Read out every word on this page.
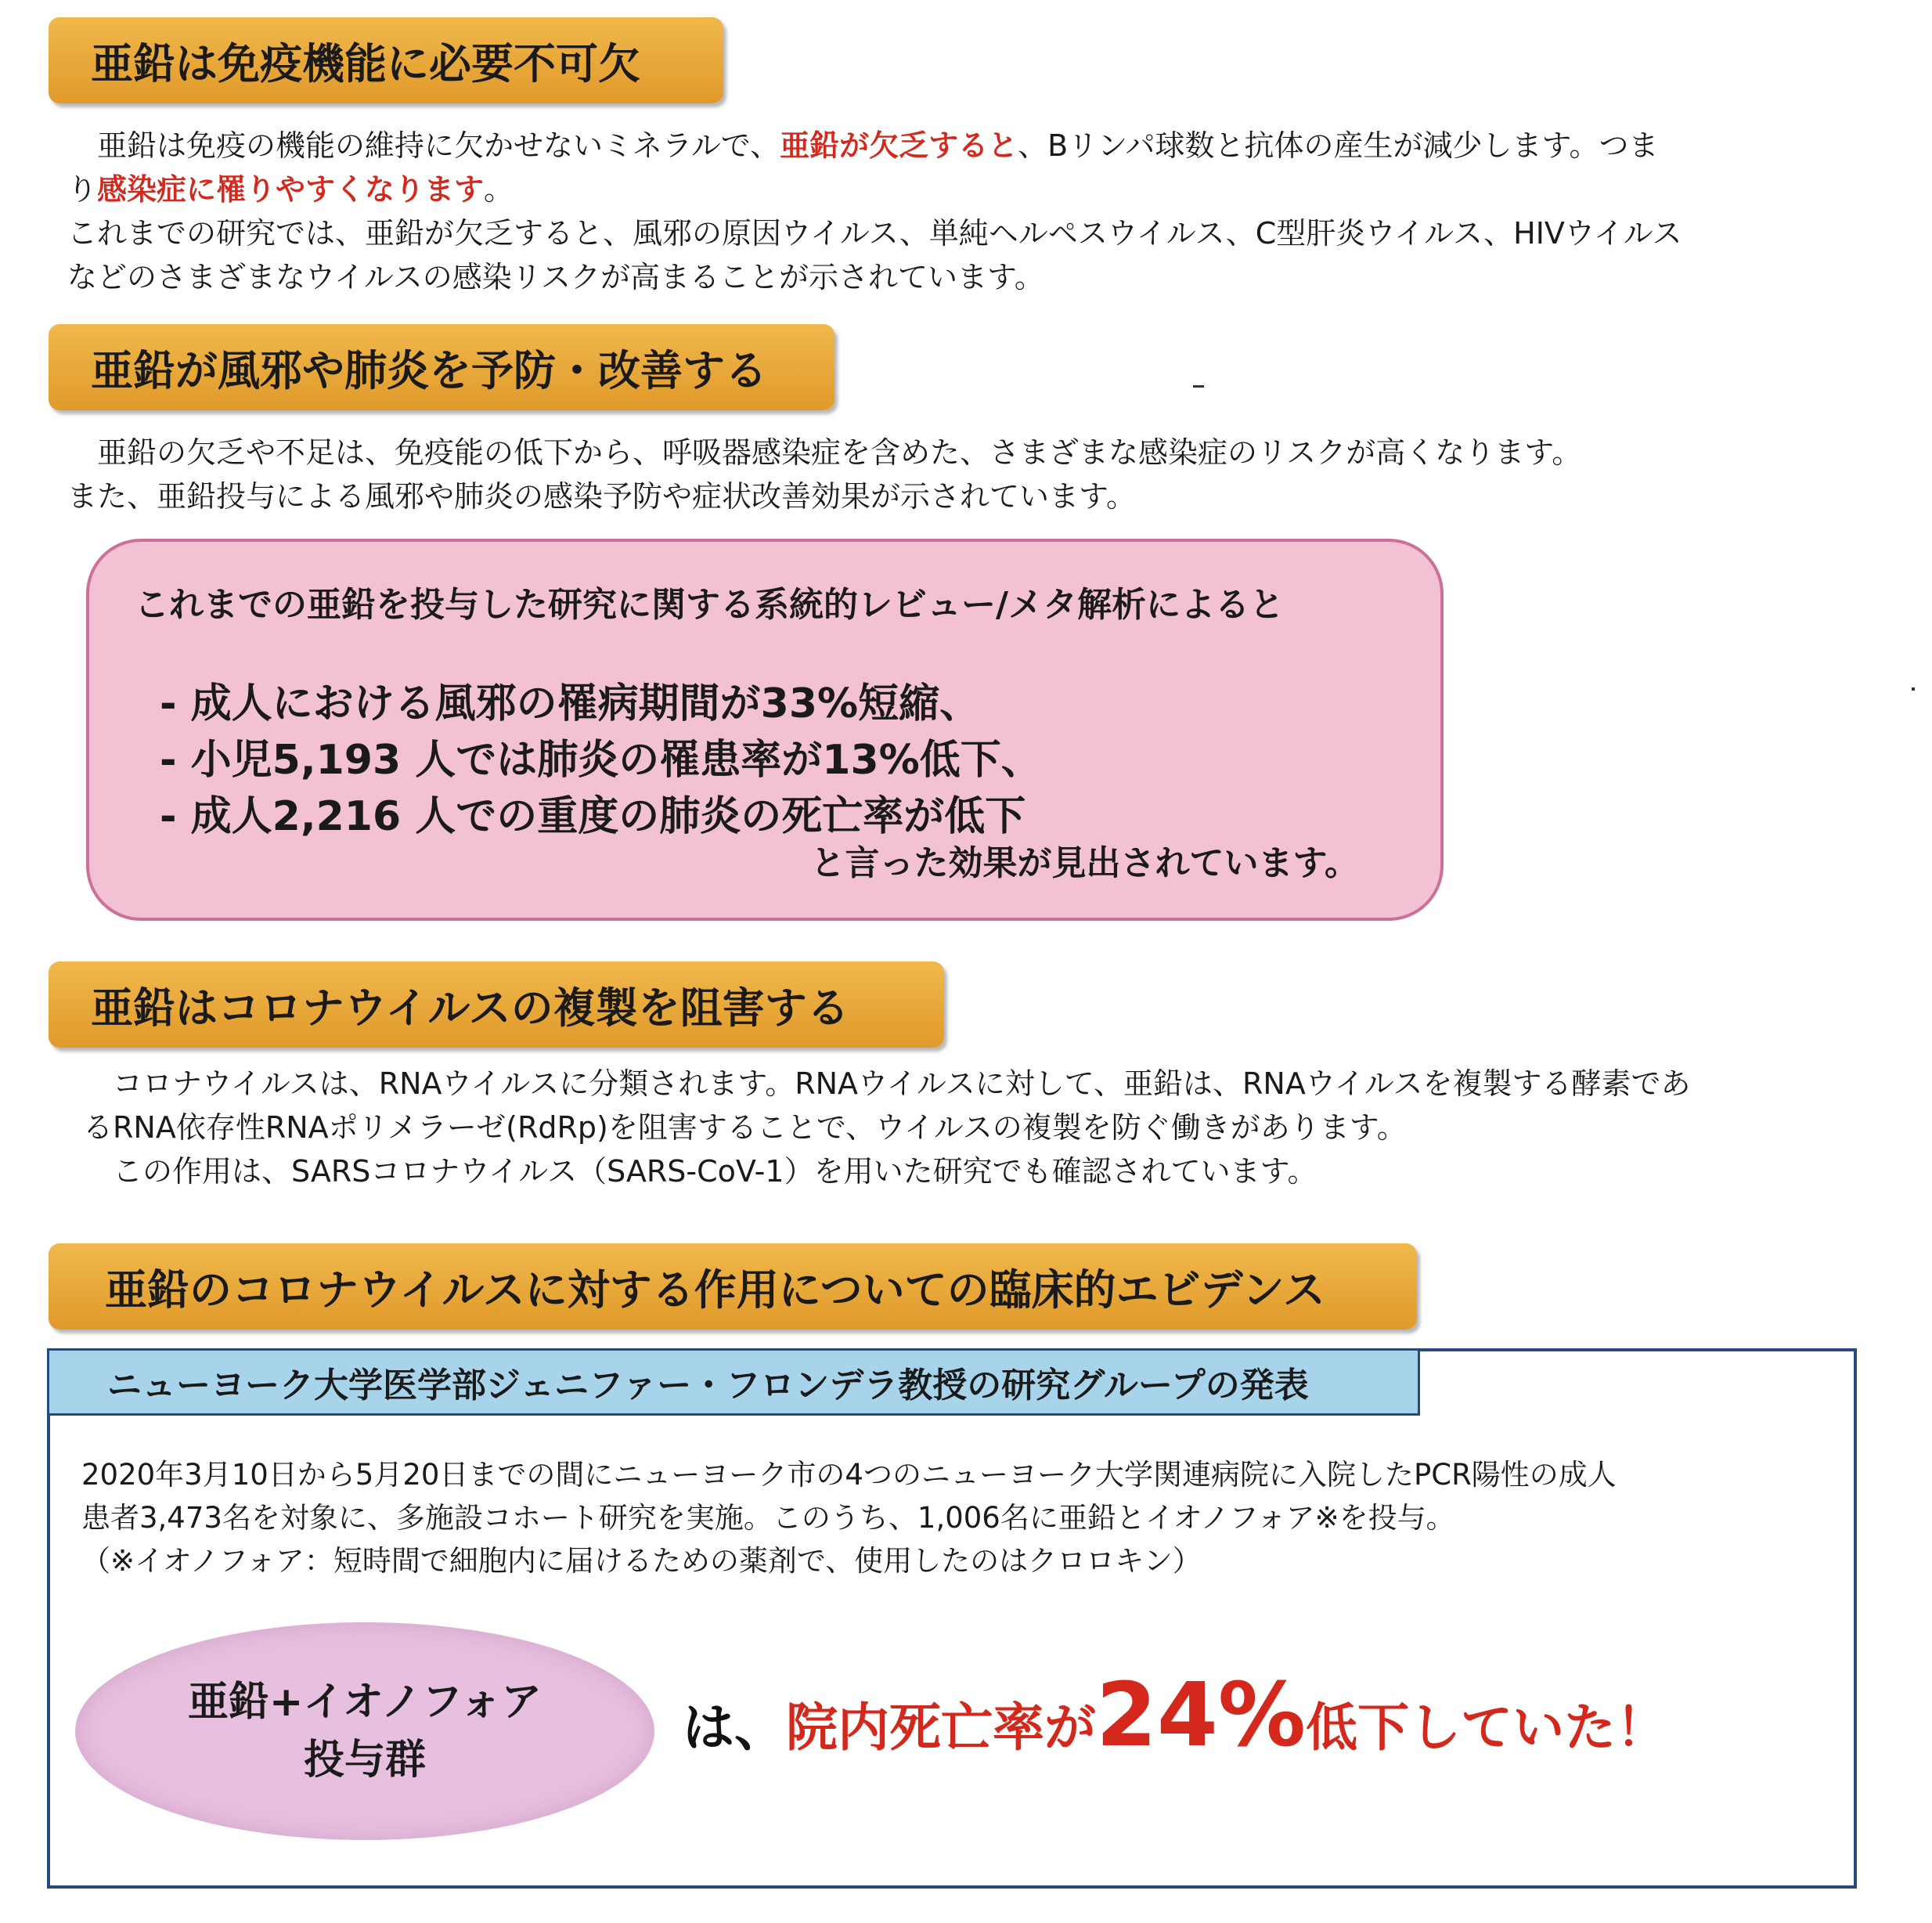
亜鉛は免疫機能に必要不可欠
　亜鉛は免疫の機能の維持に欠かせないミネラルで、亜鉛が欠乏すると、Bリンパ球数と抗体の産生が減少します。つま
り感染症に罹りやすくなります。
これまでの研究では、亜鉛が欠乏すると、風邪の原因ウイルス、単純ヘルペスウイルス、C型肝炎ウイルス、HIVウイルス
などのさまざまなウイルスの感染リスクが高まることが示されています。
亜鉛が風邪や肺炎を予防・改善する
　亜鉛の欠乏や不足は、免疫能の低下から、呼吸器感染症を含めた、さまざまな感染症のリスクが高くなります。
また、亜鉛投与による風邪や肺炎の感染予防や症状改善効果が示されています。
これまでの亜鉛を投与した研究に関する系統的レビュー/メタ解析によると
- 成人における風邪の罹病期間が33%短縮、
- 小児5,193 人では肺炎の罹患率が13%低下、
- 成人2,216 人での重度の肺炎の死亡率が低下
と言った効果が見出されています。
亜鉛はコロナウイルスの複製を阻害する
　コロナウイルスは、RNAウイルスに分類されます。RNAウイルスに対して、亜鉛は、RNAウイルスを複製する酵素であ
るRNA依存性RNAポリメラーゼ(RdRp)を阻害することで、ウイルスの複製を防ぐ働きがあります。
　この作用は、SARSコロナウイルス（SARS-CoV-1）を用いた研究でも確認されています。
亜鉛のコロナウイルスに対する作用についての臨床的エビデンス
ニューヨーク大学医学部ジェニファー・フロンデラ教授の研究グループの発表
2020年3月10日から5月20日までの間にニューヨーク市の4つのニューヨーク大学関連病院に入院したPCR陽性の成人
患者3,473名を対象に、多施設コホート研究を実施。このうち、1,006名に亜鉛とイオノフォア※を投与。
（※イオノフォア：短時間で細胞内に届けるための薬剤で、使用したのはクロロキン）
亜鉛+イオノフォア
投与群
は、 院内死亡率が 24% 低下していた！
